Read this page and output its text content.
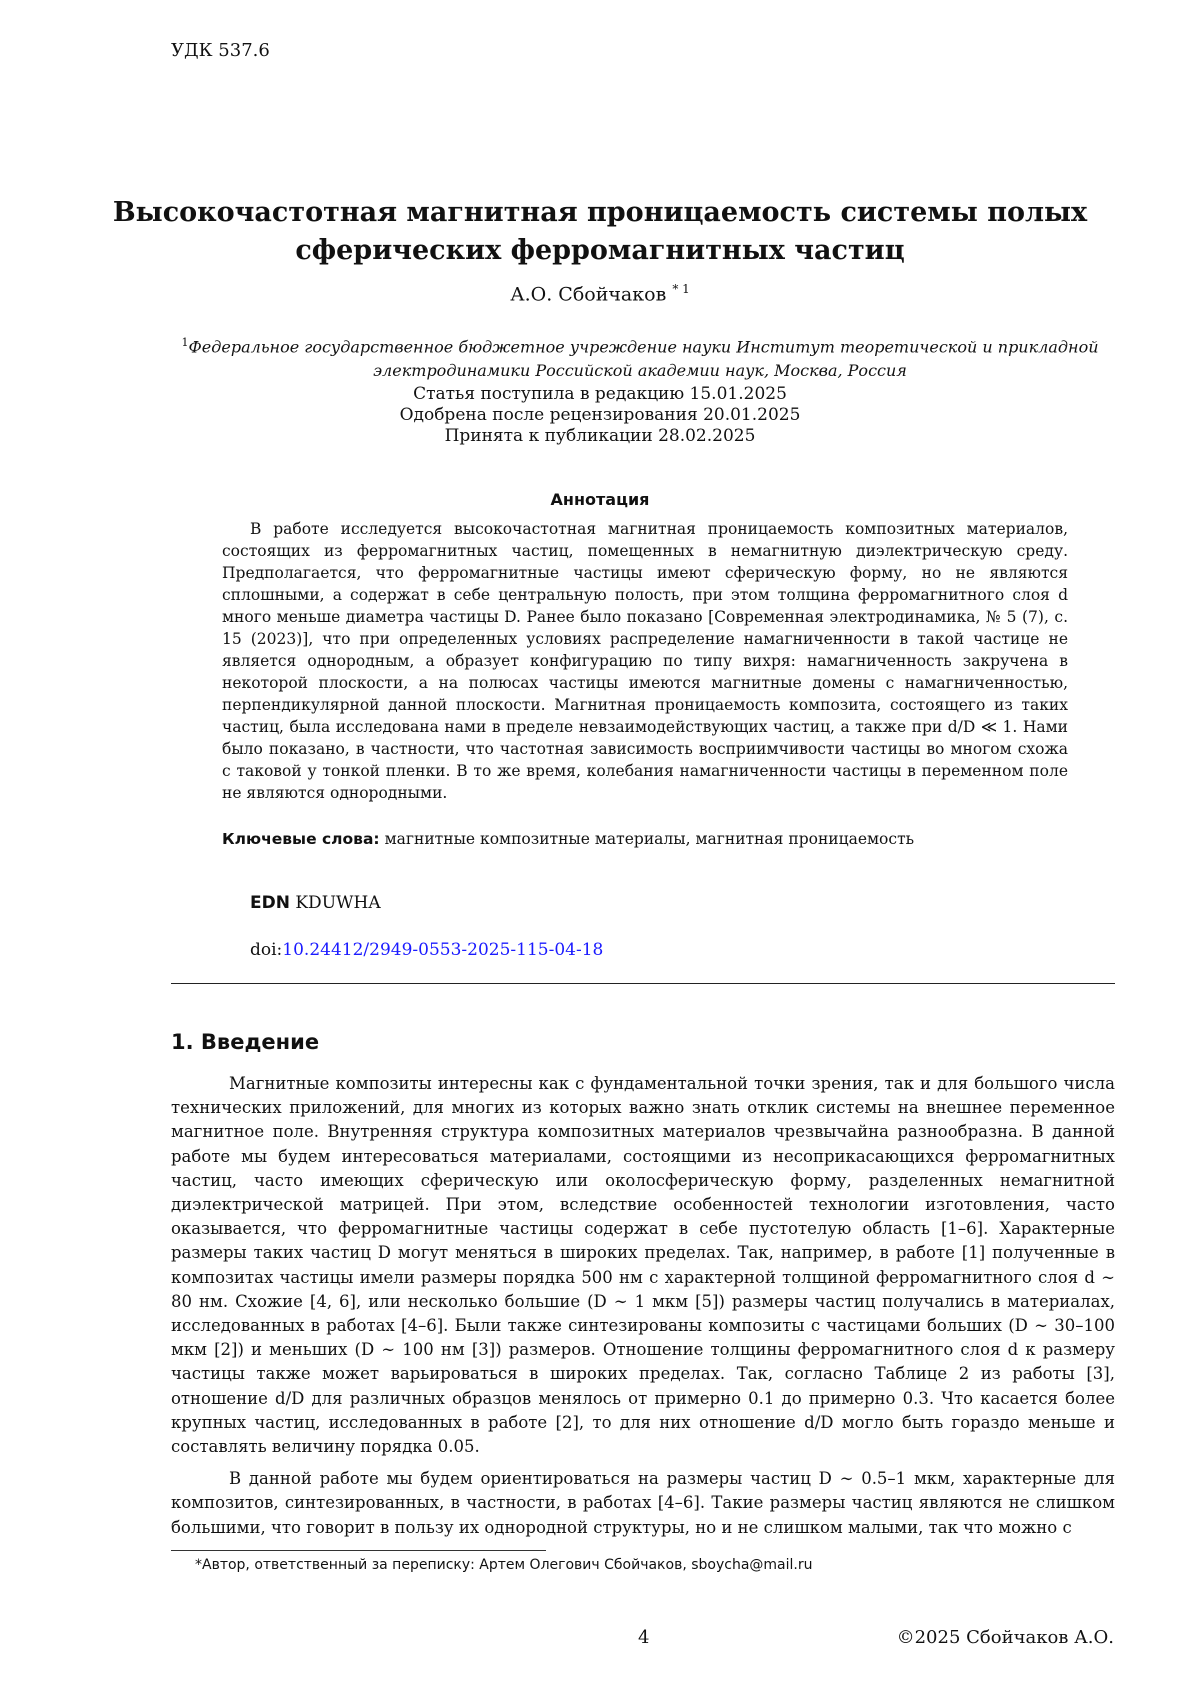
УДК 537.6
Высокочастотная магнитная проницаемость системы полых
сферических ферромагнитных частиц
А.О. Сбойчаков $^{* 1}$
$^1$Федеральное государственное бюджетное учреждение науки Институт теоретической и прикладной электродинамики Российской академии наук, Москва, Россия
Статья поступила в редакцию 15.01.2025
Одобрена после рецензирования 20.01.2025
Принята к публикации 28.02.2025
Аннотация
В работе исследуется высокочастотная магнитная проницаемость композитных материалов, состоящих из ферромагнитных частиц, помещенных в немагнитную диэлектрическую среду. Предполагается, что ферромагнитные частицы имеют сферическую форму, но не являются сплошными, а содержат в себе центральную полость, при этом толщина ферромагнитного слоя d много меньше диаметра частицы D. Ранее было показано [Современная электродинамика, № 5 (7), с. 15 (2023)], что при определенных условиях распределение намагниченности в такой частице не является однородным, а образует конфигурацию по типу вихря: намагниченность закручена в некоторой плоскости, а на полюсах частицы имеются магнитные домены с намагниченностью, перпендикулярной данной плоскости. Магнитная проницаемость композита, состоящего из таких частиц, была исследована нами в пределе невзаимодействующих частиц, а также при d/D ≪ 1. Нами было показано, в частности, что частотная зависимость восприимчивости частицы во многом схожа с таковой у тонкой пленки. В то же время, колебания намагниченности частицы в переменном поле не являются однородными.
Ключевые слова: магнитные композитные материалы, магнитная проницаемость
EDN KDUWHA
doi:10.24412/2949-0553-2025-115-04-18
1. Введение

Магнитные композиты интересны как с фундаментальной точки зрения, так и для большого числа технических приложений, для многих из которых важно знать отклик системы на внешнее переменное магнитное поле. Внутренняя структура композитных материалов чрезвычайна разнообразна. В данной работе мы будем интересоваться материалами, состоящими из несоприкасающихся ферромагнитных частиц, часто имеющих сферическую или околосферическую форму, разделенных немагнитной диэлектрической матрицей. При этом, вследствие особенностей технологии изготовления, часто оказывается, что ферромагнитные частицы содержат в себе пустотелую область [1–6]. Характерные размеры таких частиц D могут меняться в широких пределах. Так, например, в работе [1] полученные в композитах частицы имели размеры порядка 500 нм с характерной толщиной ферромагнитного слоя d ∼ 80 нм. Схожие [4, 6], или несколько большие (D ∼ 1 мкм [5]) размеры частиц получались в материалах, исследованных в работах [4–6]. Были также синтезированы композиты с частицами больших (D ∼ 30–100 мкм [2]) и меньших (D ∼ 100 нм [3]) размеров. Отношение толщины ферромагнитного слоя d к размеру частицы также может варьироваться в широких пределах. Так, согласно Таблице 2 из работы [3], отношение d/D для различных образцов менялось от примерно 0.1 до примерно 0.3. Что касается более крупных частиц, исследованных в работе [2], то для них отношение d/D могло быть гораздо меньше и составлять величину порядка 0.05.

В данной работе мы будем ориентироваться на размеры частиц D ∼ 0.5–1 мкм, характерные для композитов, синтезированных, в частности, в работах [4–6]. Такие размеры частиц являются не слишком большими, что говорит в пользу их однородной структуры, но и не слишком малыми, так что можно с

*Автор, ответственный за переписку: Артем Олегович Сбойчаков, sboycha@mail.ru
4	©2025 Сбойчаков А.О.
